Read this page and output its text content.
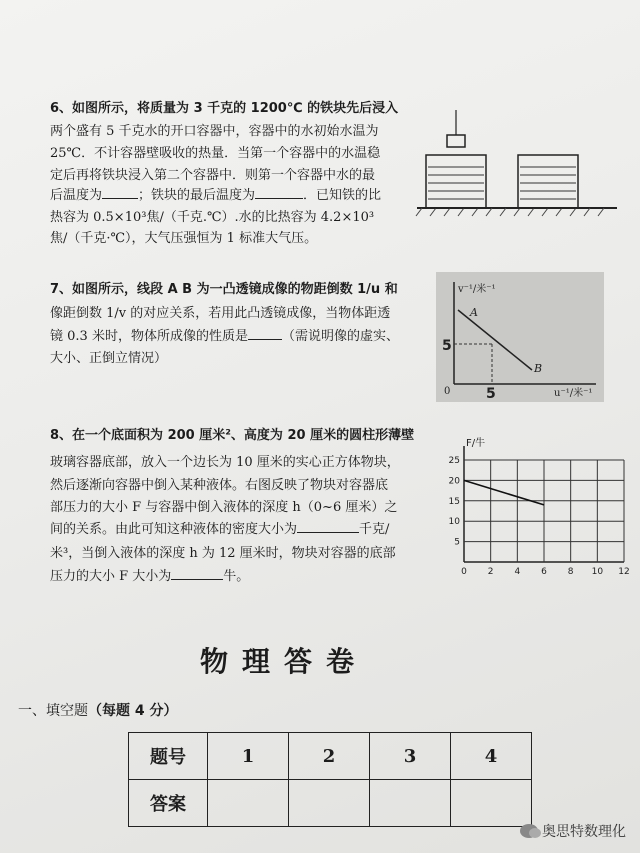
6、如图所示，将质量为 3 千克的 1200℃ 的铁块先后浸入
两个盛有 5 千克水的开口容器中，容器中的水初始水温为
25℃．不计容器壁吸收的热量．当第一个容器中的水温稳
定后再将铁块浸入第二个容器中．则第一个容器中水的最
后温度为	；铁块的最后温度为	．已知铁的比
热容为 0.5×10³焦/（千克.℃）.水的比热容为 4.2×10³
焦/（千克·℃），大气压强恒为 1 标准大气压。
7、如图所示，线段 A B 为一凸透镜成像的物距倒数 1/u 和
像距倒数 1/v 的对应关系，若用此凸透镜成像，当物体距透
镜 0.3 米时，物体所成像的性质是	（需说明像的虚实、
大小、正倒立情况）
v⁻¹/米⁻¹
u⁻¹/米⁻¹
A
B
5
5
0
8、在一个底面积为 200 厘米²、高度为 20 厘米的圆柱形薄壁
玻璃容器底部，放入一个边长为 10 厘米的实心正方体物块，
然后逐渐向容器中倒入某种液体。右图反映了物块对容器底
部压力的大小 F 与容器中倒入液体的深度 h（0~6 厘米）之
间的关系。由此可知这种液体的密度大小为	千克/
米³，当倒入液体的深度 h 为 12 厘米时，物块对容器的底部
压力的大小 F 大小为	牛。
5
10
15
20
25
0 2 4 6 8 10 12
F/牛
物理答卷
一、填空题（每题 4 分）
题号	1	2	3	4
答案				
奥思特数理化
